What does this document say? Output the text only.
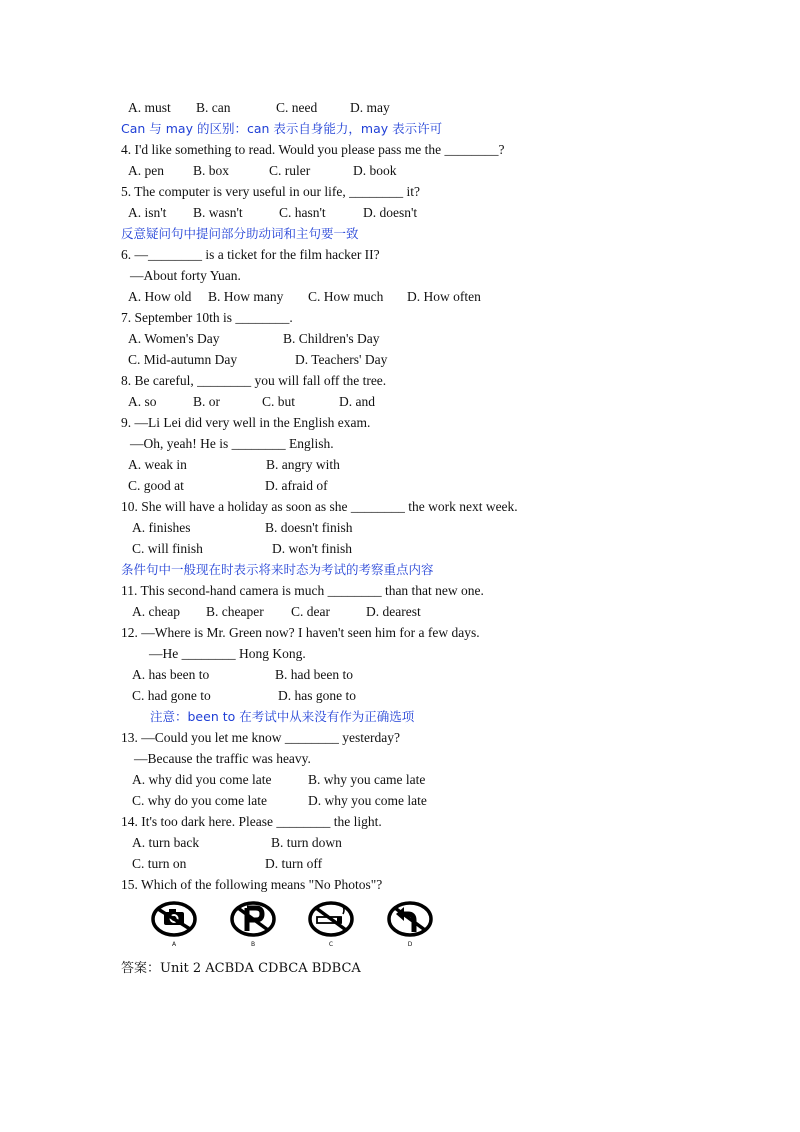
A. must B. can	C. need D. may
Can 与 may 的区别：can 表示自身能力，may 表示许可
4. I'd like something to read. Would you please pass me the ________?
A. pen B. box	C. ruler	D. book
5. The computer is very useful in our life, ________ it?
A. isn't B. wasn't	C. hasn't	D. doesn't
反意疑问句中提问部分助动词和主句要一致
6. —________ is a ticket for the film hacker II?
—About forty Yuan.
A. How old B. How many C. How much D. How often
7. September 10th is ________.
A. Women's Day	B. Children's Day
C. Mid-autumn Day	D. Teachers' Day
8. Be careful, ________ you will fall off the tree.
A. so	B. or	C. but	D. and
9. —Li Lei did very well in the English exam.
—Oh, yeah! He is ________ English.
A. weak in	B. angry with
C. good at	D. afraid of
10. She will have a holiday as soon as she ________ the work next week.
A. finishes	B. doesn't finish
C. will finish	D. won't finish
条件句中一般现在时表示将来时态为考试的考察重点内容
11. This second-hand camera is much ________ than that new one.
A. cheap B. cheaper C. dear	D. dearest
12. —Where is Mr. Green now? I haven't seen him for a few days.
—He ________ Hong Kong.
A. has been to	B. had been to
C. had gone to	D. has gone to
注意：been to 在考试中从来没有作为正确选项
13. —Could you let me know ________ yesterday?
—Because the traffic was heavy.
A. why did you come late	B. why you came late
C. why do you come late	D. why you come late
14. It's too dark here. Please ________ the light.
A. turn back	B. turn down
C. turn on	D. turn off
15. Which of the following means "No Photos"?
A	B	C	D
答案：Unit 2 ACBDA CDBCA BDBCA
